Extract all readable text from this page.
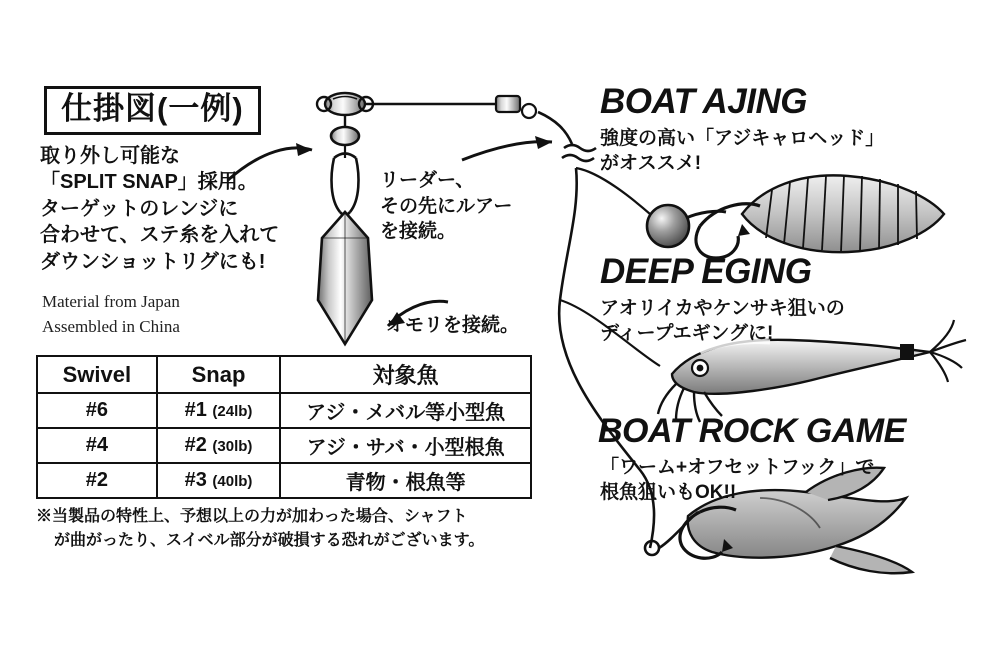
仕掛図(一例)
取り外し可能な
「SPLIT SNAP」採用。
ターゲットのレンジに
合わせて、ステ糸を入れて
ダウンショットリグにも!
Material from Japan
Assembled in China
リーダー、
その先にルアー
を接続。
オモリを接続。
Swivel	Snap	対象魚
#6	#1 (24lb)	アジ・メバル等小型魚
#4	#2 (30lb)	アジ・サバ・小型根魚
#2	#3 (40lb)	青物・根魚等
※当製品の特性上、予想以上の力が加わった場合、シャフト
が曲がったり、スイベル部分が破損する恐れがございます。
BOAT AJING
強度の高い「アジキャロヘッド」
がオススメ!
DEEP EGING
アオリイカやケンサキ狙いの
ディープエギングに!
BOAT ROCK GAME
「ワーム+オフセットフック」で
根魚狙いもOK!!
